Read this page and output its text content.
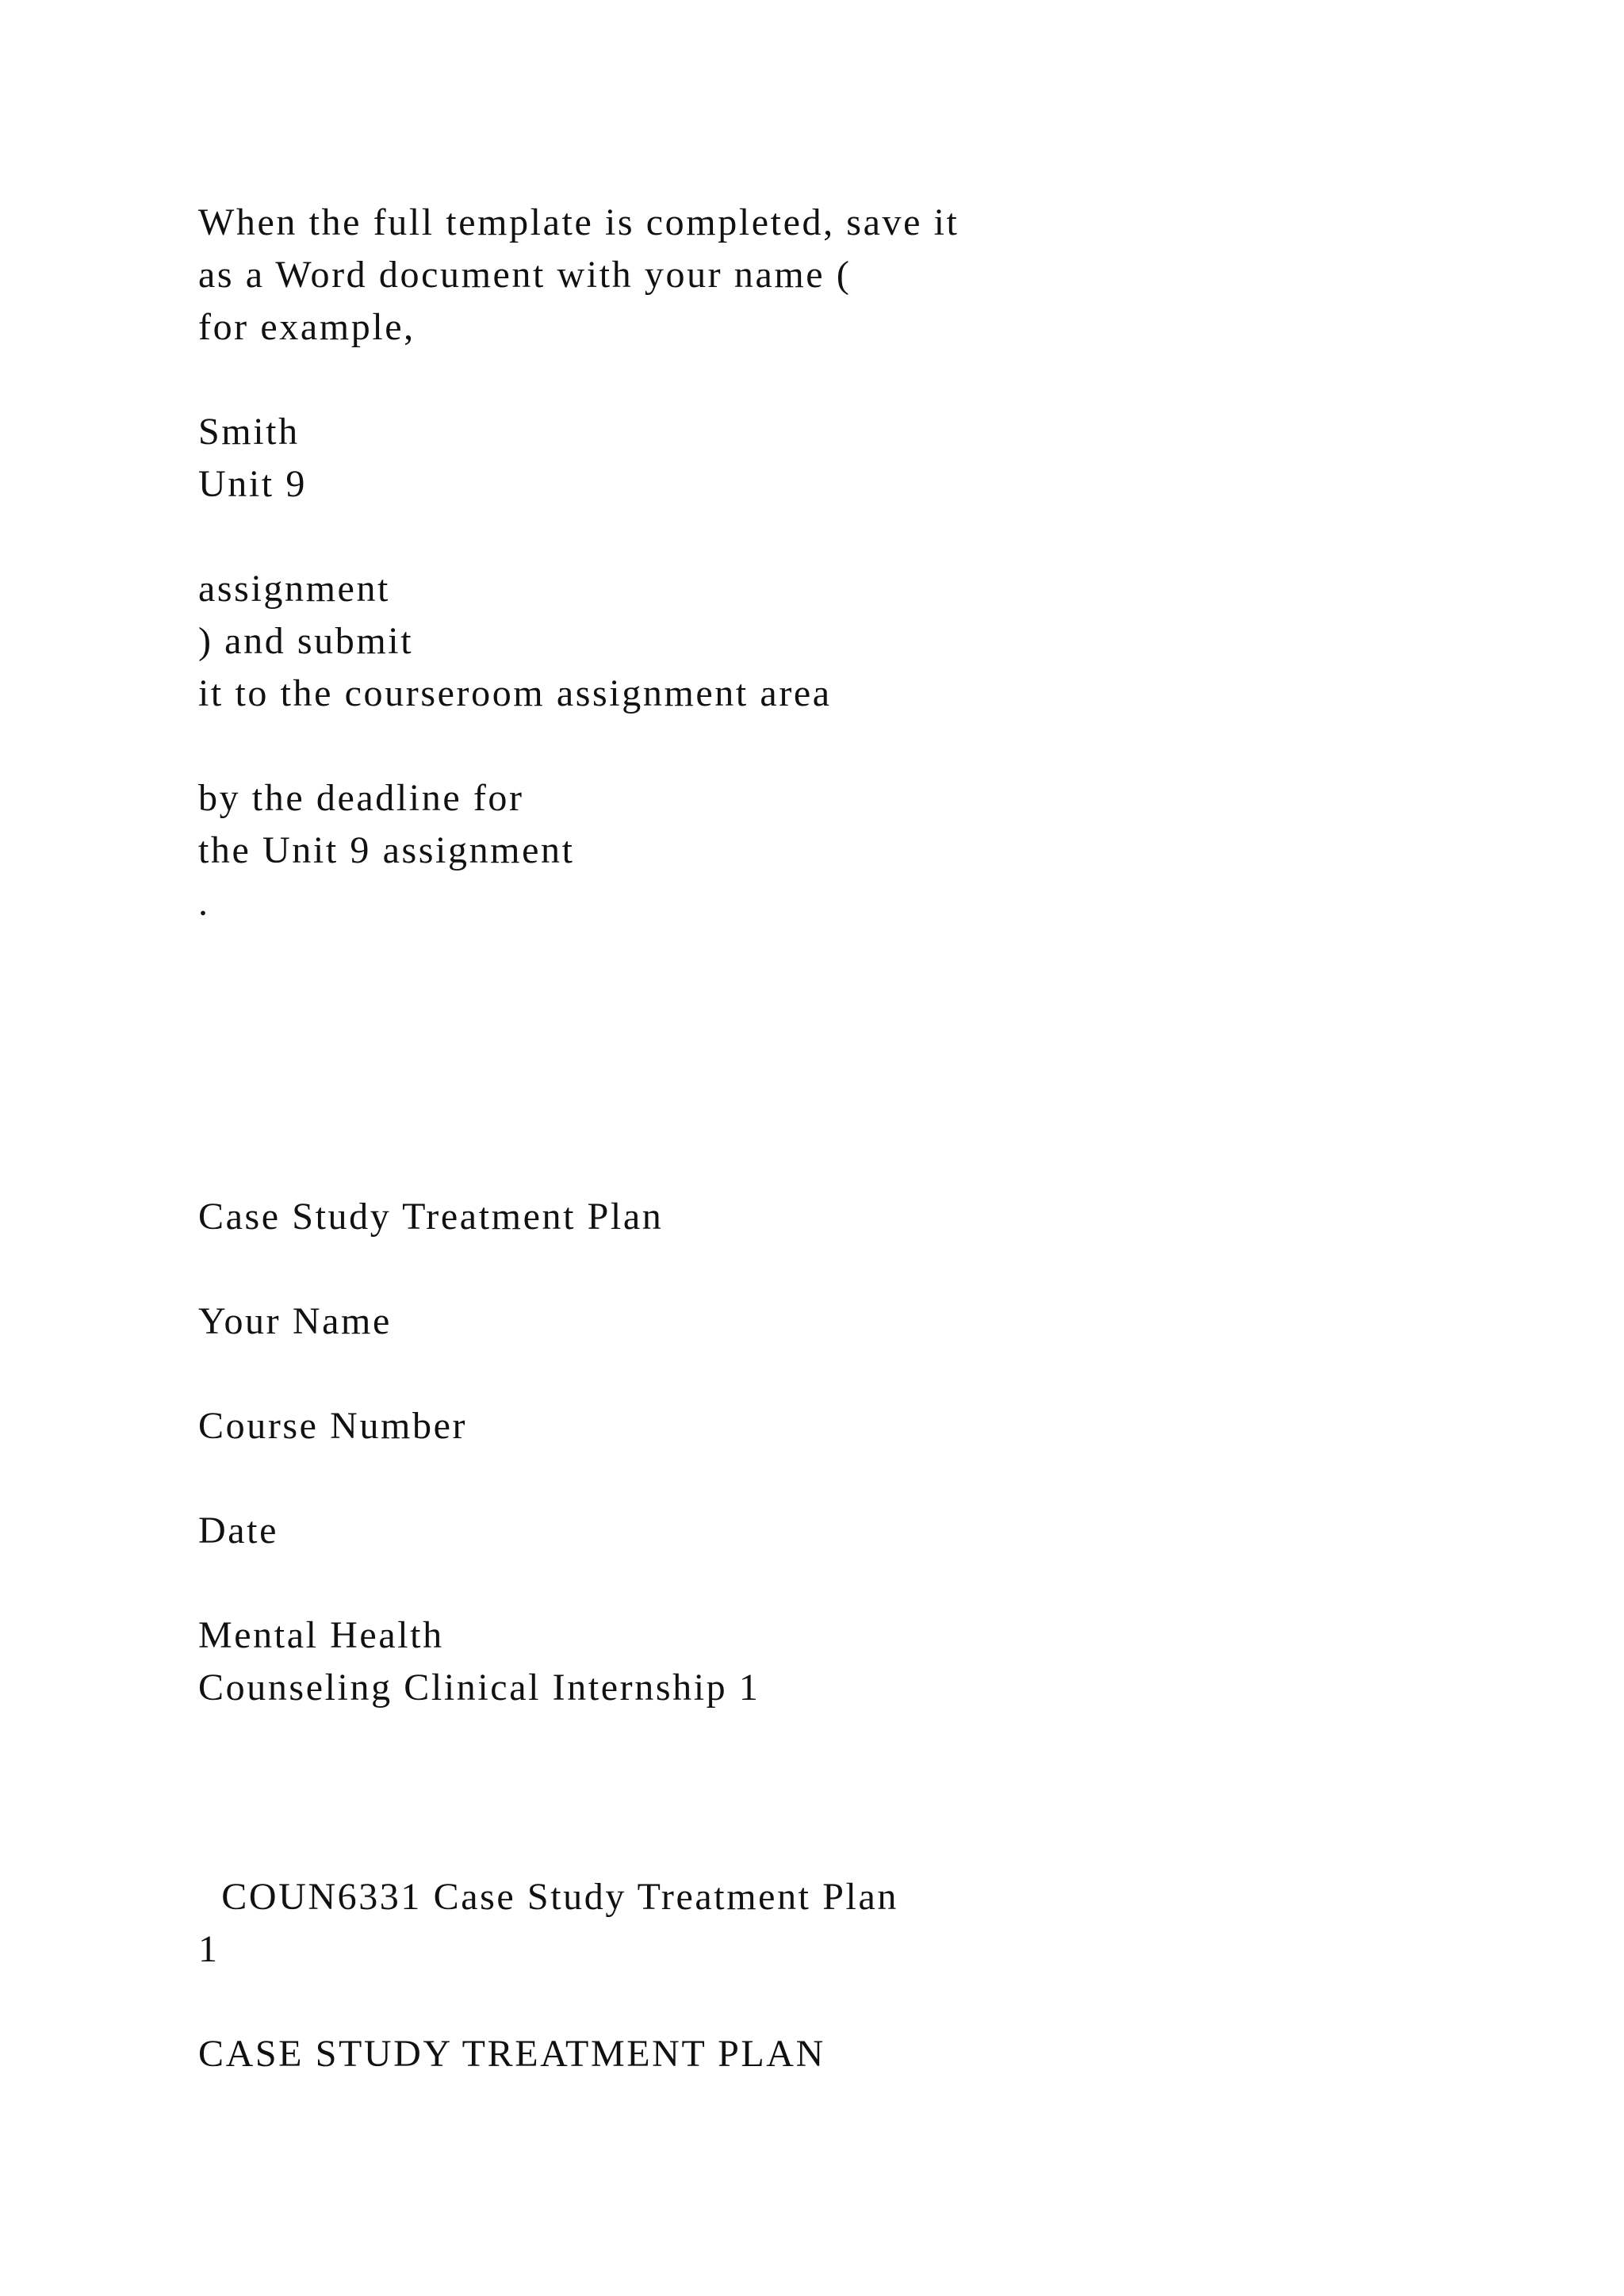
When the full template is completed, save it

as a Word document with your name (

for example,

Smith

Unit 9

assignment

) and submit

it to the courseroom assignment area

by the deadline for

the Unit 9 assignment

.

Case Study Treatment Plan

Your Name

Course Number

Date

Mental Health

Counseling Clinical Internship 1

COUN6331 Case Study Treatment Plan

1

CASE STUDY TREATMENT PLAN
